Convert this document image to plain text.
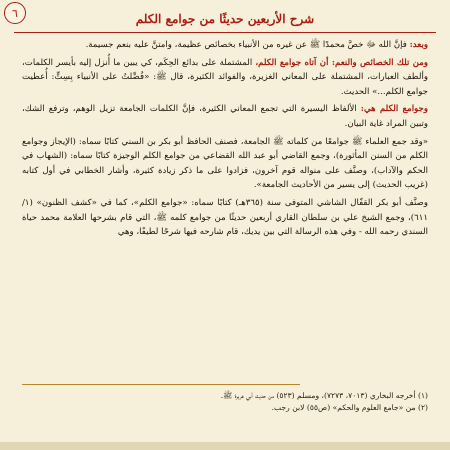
٦	شرح الأربعين حديثًا من جوامع الكلم

وبعد: فإنَّ الله ﷻ خصَّ محمدًا ﷺ عن غيره من الأنبياء بخصائص عظيمة، وامتنَّ عليه بنعم جسيمة.

ومن تلك الخصائص والنعم: أن آتاه جوامع الكلم، المشتملة على بدائع الحِكَم، كي يبين ما أُنزل إليه بأيسر الكلمات، وألطف العبارات، المشتملة على المعاني الغزيرة، والفوائد الكثيرة، قال ﷺ: «فُضِّلتُ على الأنبياء بِسِتٍّ: أُعطيت جوامع الكلم...» الحديث.

وجوامع الكلم هي: الألفاظ اليسيرة التي تجمع المعاني الكثيرة، فإنَّ الكلمات الجامعة تزيل الوهم، وترفع الشك، وتبين المراد غاية البيان.

«وقد جمع العلماء ﷺ جوامعًا من كلماته ﷺ الجامعة، فصنف الحافظ أبو بكر بن السني كتابًا سماه: (الإيجاز وجوامع الكلم من السنن المأثورة)، وجمع القاضي أبو عبد الله القضاعي من جوامع الكلم الوجيزة كتابًا سماه: (الشهاب في الحكم والآداب)، وصنَّف على منواله قوم آخرون، فزادوا على ما ذكر زيادة كثيرة، وأشار الخطابي في أول كتابه (غريب الحديث) إلى يسير من الأحاديث الجامعة».

وصنَّف أبو بكر القفّال الشاشي المتوفى سنة (٣٦٥هـ) كتابًا سماه: «جوامع الكلم»، كما في «كشف الظنون» (١/ ٦١١)، وجمع الشيخ علي بن سلطان القاري أربعين حديثًا من جوامع كلمه ﷺ، التي قام بشرحها العلامة محمد حياة السندي رحمه الله - وفي هذه الرسالة التي بين يديك، قام شارحه فيها شرحًا لطيفًا، وهي

(١) أخرجه البخاري (٧٠١٣، ٧٢٧٣)، ومسلم (٥٢٣) من حديث أبي هريرة ﷺ.

(٢) من «جامع العلوم والحكم» (ص٥٥) لابن رجب.
